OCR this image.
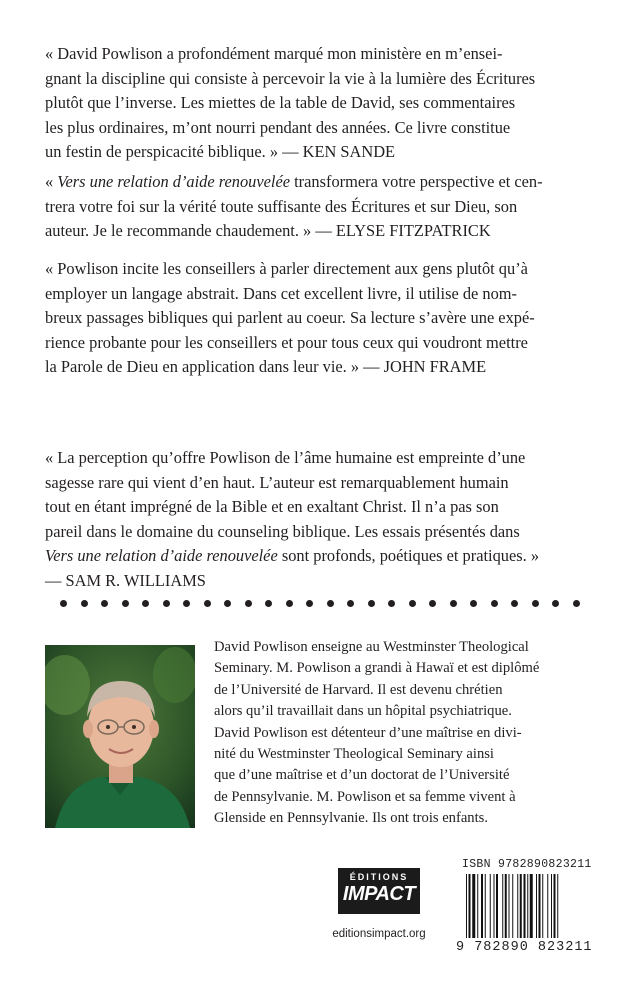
« David Powlison a profondément marqué mon ministère en m’ensei-
gnant la discipline qui consiste à percevoir la vie à la lumière des Écritures
plutôt que l’inverse. Les miettes de la table de David, ses commentaires
les plus ordinaires, m’ont nourri pendant des années. Ce livre constitue
un festin de perspicacité biblique. » — KEN SANDE
« Vers une relation d’aide renouvelée transformera votre perspective et cen-
trera votre foi sur la vérité toute suffisante des Écritures et sur Dieu, son
auteur. Je le recommande chaudement. » — ELYSE FITZPATRICK
« Powlison incite les conseillers à parler directement aux gens plutôt qu’à
employer un langage abstrait. Dans cet excellent livre, il utilise de nom-
breux passages bibliques qui parlent au coeur. Sa lecture s’avère une expé-
rience probante pour les conseillers et pour tous ceux qui voudront mettre
la Parole de Dieu en application dans leur vie. » — JOHN FRAME
« La perception qu’offre Powlison de l’âme humaine est empreinte d’une
sagesse rare qui vient d’en haut. L’auteur est remarquablement humain
tout en étant imprégné de la Bible et en exaltant Christ. Il n’a pas son
pareil dans le domaine du counseling biblique. Les essais présentés dans
Vers une relation d’aide renouvelée sont profonds, poétiques et pratiques. »
— SAM R. WILLIAMS
David Powlison enseigne au Westminster Theological
Seminary. M. Powlison a grandi à Hawaï et est diplômé
de l’Université de Harvard. Il est devenu chrétien
alors qu’il travaillait dans un hôpital psychiatrique.
David Powlison est détenteur d’une maîtrise en divi-
nité du Westminster Theological Seminary ainsi
que d’une maîtrise et d’un doctorat de l’Université
de Pennsylvanie. M. Powlison et sa femme vivent à
Glenside en Pennsylvanie. Ils ont trois enfants.
ÉDITIONS
IMPACT
editionsimpact.org
ISBN 9782890823211
9 782890 823211
